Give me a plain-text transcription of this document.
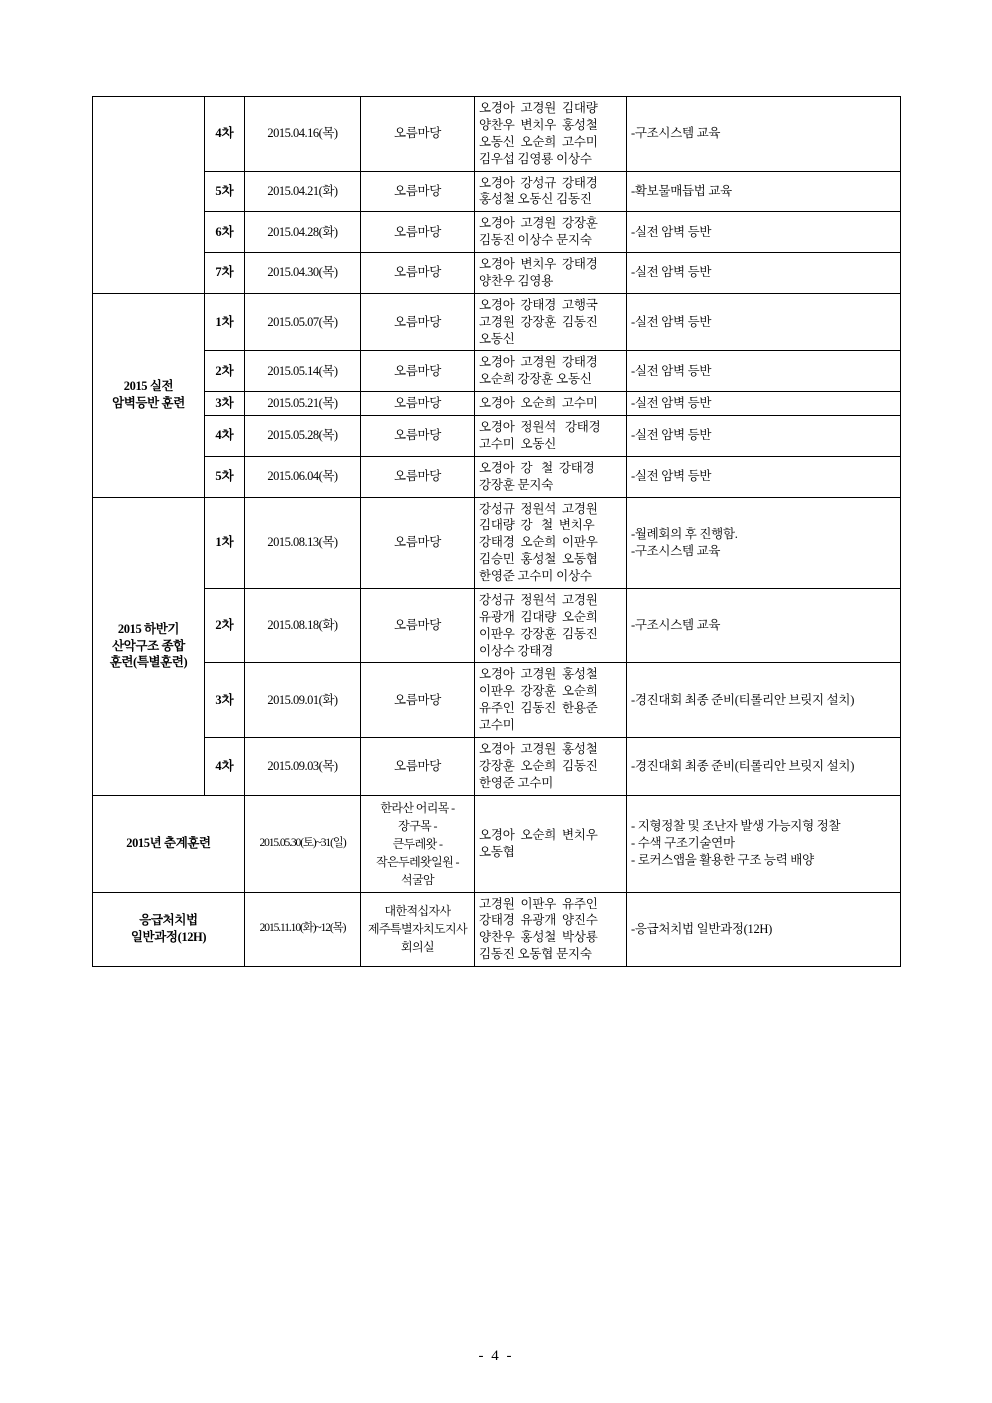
	4차	2015.04.16(목)	오름마당	오경아  고경원  김대량
양찬우  변치우  홍성철
오동신  오순희  고수미
김우섭 김영룡 이상수	-구조시스템 교육

	5차	2015.04.21(화)	오름마당	오경아  강성규  강태경
홍성철 오동신 김동진	-확보물매듭법 교육

	6차	2015.04.28(화)	오름마당	오경아  고경원  강장훈
김동진 이상수 문지숙	-실전 암벽 등반

	7차	2015.04.30(목)	오름마당	오경아  변치우  강태경
양찬우 김영용	-실전 암벽 등반

2015 실전
암벽등반 훈련	1차	2015.05.07(목)	오름마당	오경아  강태경  고행국
고경원  강장훈  김동진
오동신	-실전 암벽 등반

	2차	2015.05.14(목)	오름마당	오경아  고경원  강태경
오순희 강장훈 오동신	-실전 암벽 등반

	3차	2015.05.21(목)	오름마당	오경아  오순희  고수미	-실전 암벽 등반

	4차	2015.05.28(목)	오름마당	오경아  정원석   강태경
고수미  오동신	-실전 암벽 등반

	5차	2015.06.04(목)	오름마당	오경아  강   철  강태경
강장훈 문지숙	-실전 암벽 등반

2015 하반기
산악구조 종합
훈련(특별훈련)	1차	2015.08.13(목)	오름마당	강성규  정원석  고경원
김대량  강   철  변치우
강태경  오순희  이판우
김승민  홍성철  오동협
한영준 고수미 이상수	-월례회의 후 진행함.
-구조시스템 교육

	2차	2015.08.18(화)	오름마당	강성규  정원석  고경원
유광개  김대량  오순희
이판우  강장훈  김동진
이상수 강태경	-구조시스템 교육

	3차	2015.09.01(화)	오름마당	오경아  고경원  홍성철
이판우  강장훈  오순희
유주인  김동진  한용준
고수미	-경진대회 최종 준비(티롤리안 브릿지 설치)

	4차	2015.09.03(목)	오름마당	오경아  고경원  홍성철
강장훈  오순희  김동진
한영준 고수미	-경진대회 최종 준비(티롤리안 브릿지 설치)

2015년 춘계훈련		2015.05.30(토)~31(일)	한라산 어리목 -
장구목 -
큰두레왓 -
작은두레왓일원 -
석굴암	오경아  오순희  변치우
오동협	- 지형정찰 및 조난자 발생 가능지형 정찰
- 수색 구조기술연마
- 로커스앱을 활용한 구조 능력 배양

응급처치법
일반과정(12H)		2015.11.10(화)~12(목)	대한적십자사
제주특별자치도지사
회의실	고경원  이판우  유주인
강태경  유광개  양진수
양찬우  홍성철  박상룡
김동진 오동협 문지숙	-응급처치법 일반과정(12H)
- 4 -
